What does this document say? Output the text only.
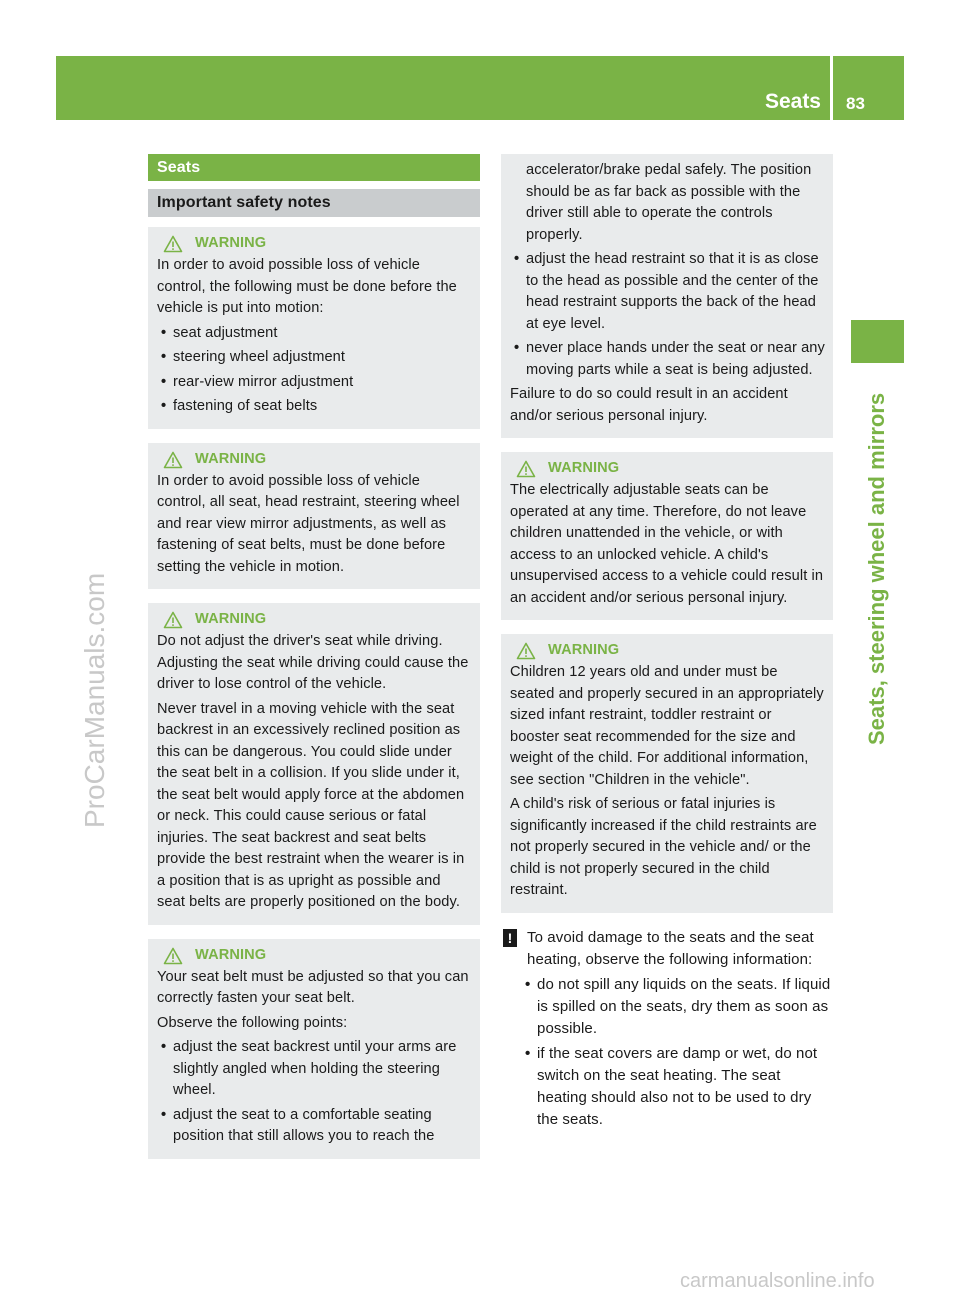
Seats 83
Seats, steering wheel and mirrors
ProCarManuals.com
carmanualsonline.info
Seats
Important safety notes
WARNING

In order to avoid possible loss of vehicle control, the following must be done before the vehicle is put into motion:

• seat adjustment
• steering wheel adjustment
• rear-view mirror adjustment
• fastening of seat belts
WARNING

In order to avoid possible loss of vehicle control, all seat, head restraint, steering wheel and rear view mirror adjustments, as well as fastening of seat belts, must be done before setting the vehicle in motion.

WARNING

Do not adjust the driver's seat while driving. Adjusting the seat while driving could cause the driver to lose control of the vehicle.

Never travel in a moving vehicle with the seat backrest in an excessively reclined position as this can be dangerous. You could slide under the seat belt in a collision. If you slide under it, the seat belt would apply force at the abdomen or neck. This could cause serious or fatal injuries. The seat backrest and seat belts provide the best restraint when the wearer is in a position that is as upright as possible and seat belts are properly positioned on the body.

WARNING

Your seat belt must be adjusted so that you can correctly fasten your seat belt.

Observe the following points:

• adjust the seat backrest until your arms are slightly angled when holding the steering wheel.
• adjust the seat to a comfortable seating position that still allows you to reach the
accelerator/brake pedal safely. The position should be as far back as possible with the driver still able to operate the controls properly.
• adjust the head restraint so that it is as close to the head as possible and the center of the head restraint supports the back of the head at eye level.
• never place hands under the seat or near any moving parts while a seat is being adjusted.

Failure to do so could result in an accident and/or serious personal injury.

WARNING

The electrically adjustable seats can be operated at any time. Therefore, do not leave children unattended in the vehicle, or with access to an unlocked vehicle. A child's unsupervised access to a vehicle could result in an accident and/or serious personal injury.

WARNING

Children 12 years old and under must be seated and properly secured in an appropriately sized infant restraint, toddler restraint or booster seat recommended for the size and weight of the child. For additional information, see section "Children in the vehicle".

A child's risk of serious or fatal injuries is significantly increased if the child restraints are not properly secured in the vehicle and/ or the child is not properly secured in the child restraint.

! To avoid damage to the seats and the seat heating, observe the following information:
• do not spill any liquids on the seats. If liquid is spilled on the seats, dry them as soon as possible.
• if the seat covers are damp or wet, do not switch on the seat heating. The seat heating should also not to be used to dry the seats.
